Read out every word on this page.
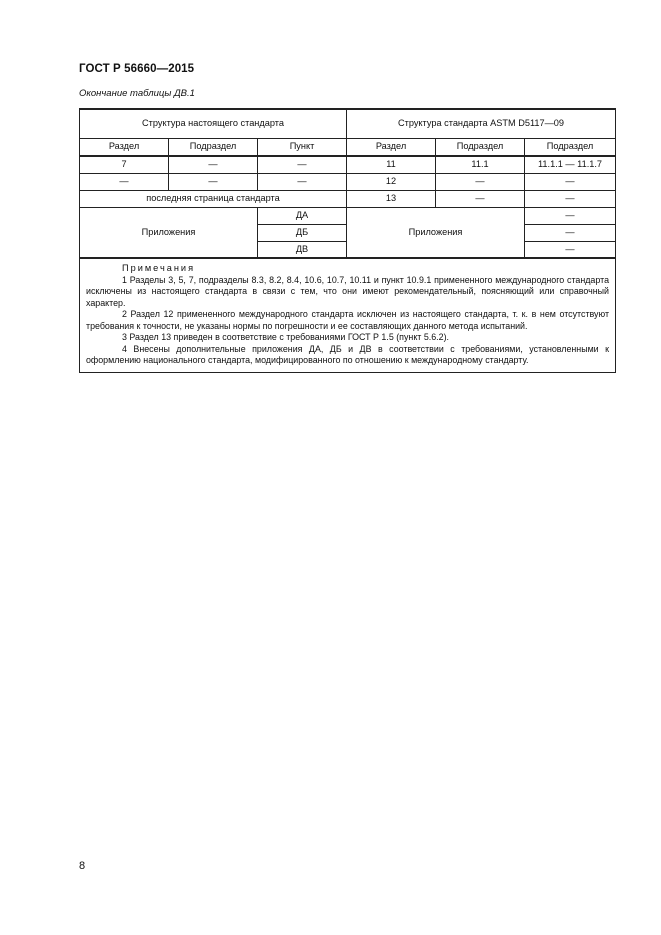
ГОСТ Р 56660—2015
Окончание таблицы ДВ.1
Структура настоящего стандарта			Структура стандарта ASTM D5117—09		
Раздел	Подраздел	Пункт	Раздел	Подраздел	Подраздел
7	—	—	11	11.1	11.1.1 — 11.1.7
—	—	—	12	—	—
последняя страница стандарта			13	—	—
Приложения		ДА	Приложения		—
		ДБ			—
		ДВ			—

Примечания
1 Разделы 3, 5, 7, подразделы 8.3, 8.2, 8.4, 10.6, 10.7, 10.11 и пункт 10.9.1 примененного международного стандарта исключены из настоящего стандарта в связи с тем, что они имеют рекомендательный, поясняющий или справочный характер.
2 Раздел 12 примененного международного стандарта исключен из настоящего стандарта, т. к. в нем отсутствуют требования к точности, не указаны нормы по погрешности и ее составляющих данного метода испытаний.
3 Раздел 13 приведен в соответствие с требованиями ГОСТ Р 1.5 (пункт 5.6.2).
4 Внесены дополнительные приложения ДА, ДБ и ДВ в соответствии с требованиями, установленными к оформлению национального стандарта, модифицированного по отношению к международному стандарту.					
8
